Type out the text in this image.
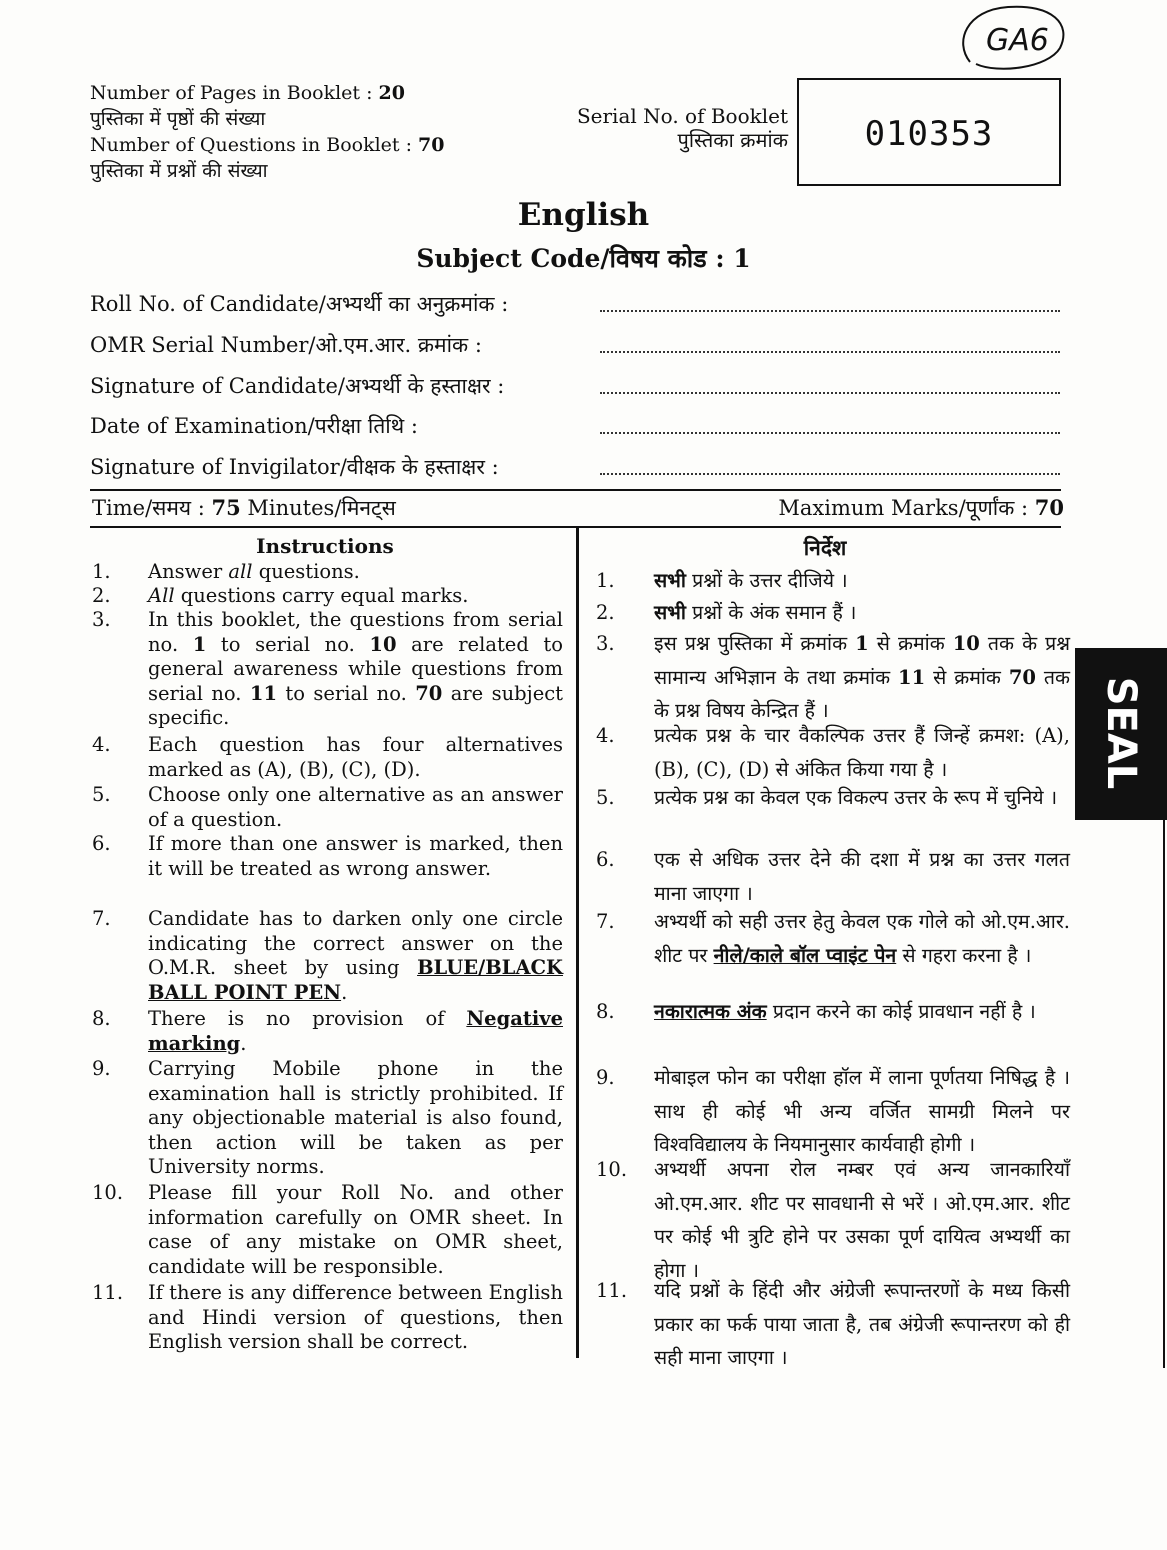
GA6
Number of Pages in Booklet : 20
पुस्तिका में पृष्ठों की संख्या
Number of Questions in Booklet : 70
पुस्तिका में प्रश्नों की संख्या
Serial No. of Booklet
पुस्तिका क्रमांक	010353
English
Subject Code/विषय कोड : 1
Roll No. of Candidate/अभ्यर्थी का अनुक्रमांक :
OMR Serial Number/ओ.एम.आर. क्रमांक :
Signature of Candidate/अभ्यर्थी के हस्ताक्षर :
Date of Examination/परीक्षा तिथि :
Signature of Invigilator/वीक्षक के हस्ताक्षर :
Time/समय : 75 Minutes/मिनट्स	Maximum Marks/पूर्णांक : 70
Instructions	निर्देश
1.	Answer all questions.
2.	All questions carry equal marks.
3.	In this booklet, the questions from serial no. 1 to serial no. 10 are related to general awareness while questions from serial no. 11 to serial no. 70 are subject specific.
4.	Each question has four alternatives marked as (A), (B), (C), (D).
5.	Choose only one alternative as an answer of a question.
6.	If more than one answer is marked, then it will be treated as wrong answer.
7.	Candidate has to darken only one circle indicating the correct answer on the O.M.R. sheet by using BLUE/BLACK BALL POINT PEN.
8.	There is no provision of Negative marking.
9.	Carrying Mobile phone in the examination hall is strictly prohibited. If any objectionable material is also found, then action will be taken as per University norms.
10.	Please fill your Roll No. and other information carefully on OMR sheet. In case of any mistake on OMR sheet, candidate will be responsible.
11.	If there is any difference between English and Hindi version of questions, then English version shall be correct.
1.	सभी प्रश्नों के उत्तर दीजिये ।
2.	सभी प्रश्नों के अंक समान हैं ।
3.	इस प्रश्न पुस्तिका में क्रमांक 1 से क्रमांक 10 तक के प्रश्न सामान्य अभिज्ञान के तथा क्रमांक 11 से क्रमांक 70 तक के प्रश्न विषय केन्द्रित हैं ।
4.	प्रत्येक प्रश्न के चार वैकल्पिक उत्तर हैं जिन्हें क्रमश: (A), (B), (C), (D) से अंकित किया गया है ।
5.	प्रत्येक प्रश्न का केवल एक विकल्प उत्तर के रूप में चुनिये ।
6.	एक से अधिक उत्तर देने की दशा में प्रश्न का उत्तर गलत माना जाएगा ।
7.	अभ्यर्थी को सही उत्तर हेतु केवल एक गोले को ओ.एम.आर. शीट पर नीले/काले बॉल प्वाइंट पेन से गहरा करना है ।
8.	नकारात्मक अंक प्रदान करने का कोई प्रावधान नहीं है ।
9.	मोबाइल फोन का परीक्षा हॉल में लाना पूर्णतया निषिद्ध है । साथ ही कोई भी अन्य वर्जित सामग्री मिलने पर विश्वविद्यालय के नियमानुसार कार्यवाही होगी ।
10.	अभ्यर्थी अपना रोल नम्बर एवं अन्य जानकारियाँ ओ.एम.आर. शीट पर सावधानी से भरें । ओ.एम.आर. शीट पर कोई भी त्रुटि होने पर उसका पूर्ण दायित्व अभ्यर्थी का होगा ।
11.	यदि प्रश्नों के हिंदी और अंग्रेजी रूपान्तरणों के मध्य किसी प्रकार का फर्क पाया जाता है, तब अंग्रेजी रूपान्तरण को ही सही माना जाएगा ।
SEAL
